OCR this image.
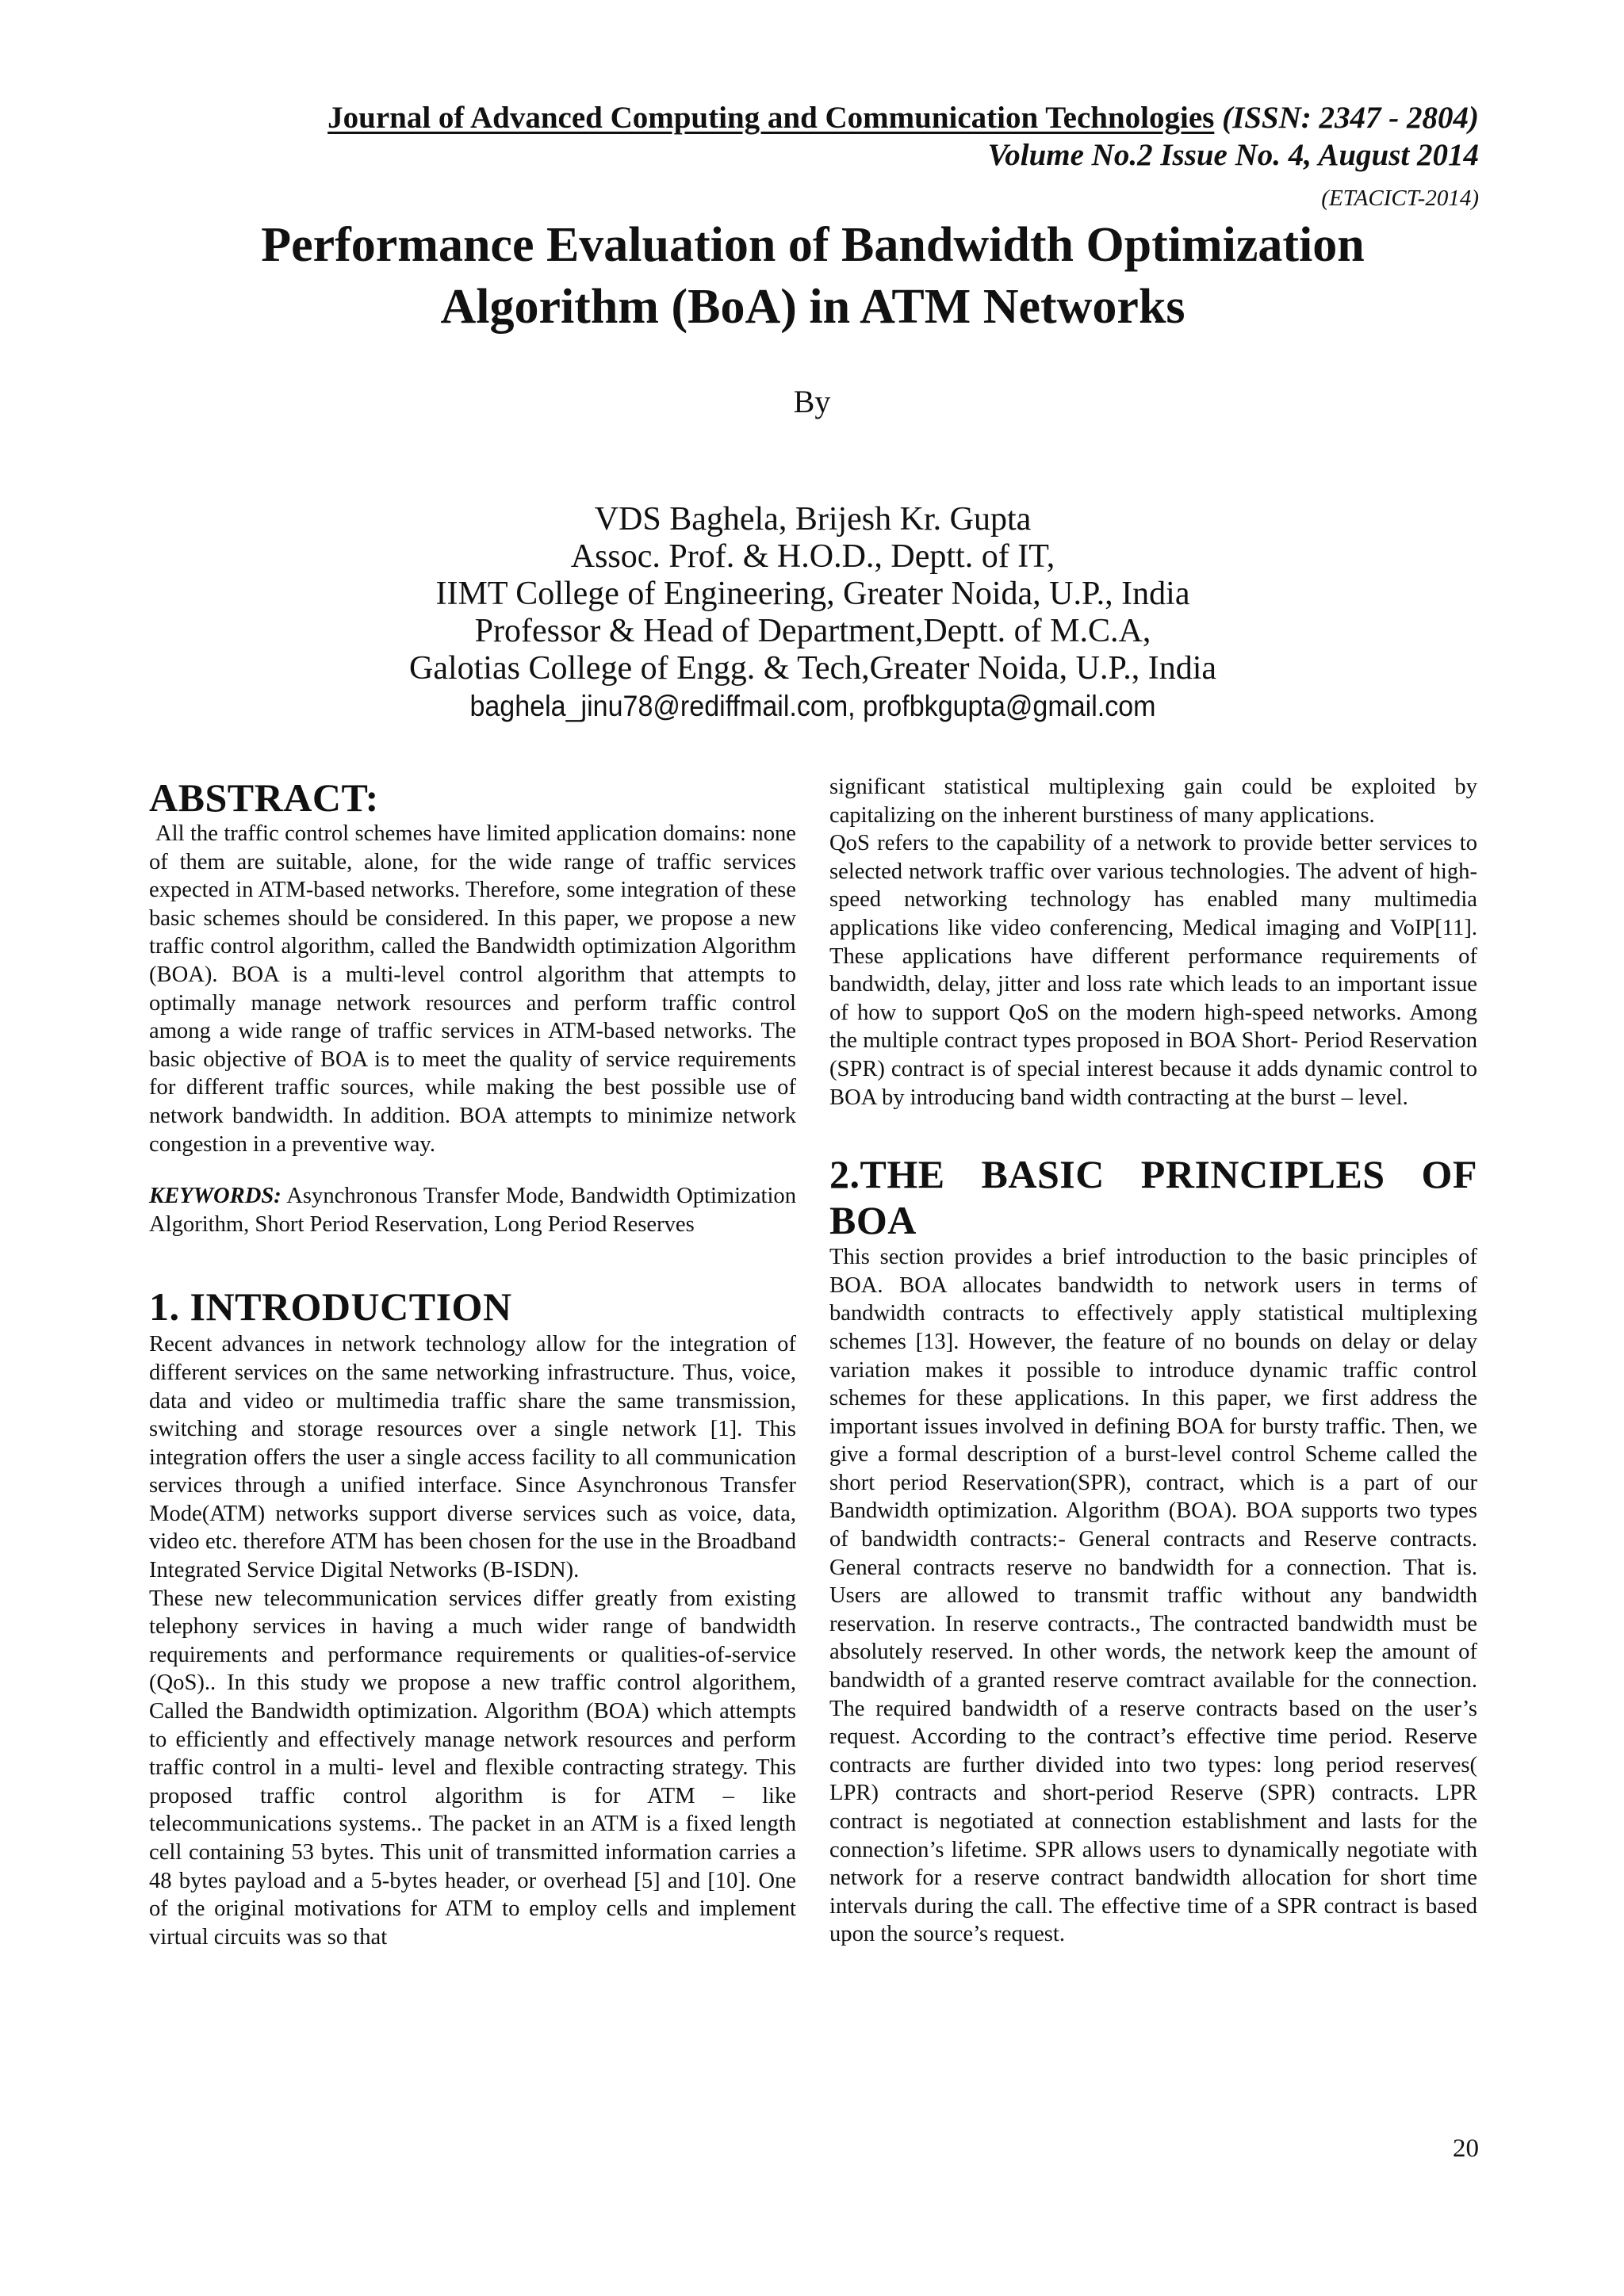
Journal of Advanced Computing and Communication Technologies (ISSN: 2347 - 2804)
Volume No.2 Issue No. 4, August 2014
(ETACICT-2014)
Performance Evaluation of Bandwidth Optimization
Algorithm (BoA) in ATM Networks
By
VDS Baghela, Brijesh Kr. Gupta
Assoc. Prof. & H.O.D., Deptt. of IT,
IIMT College of Engineering, Greater Noida, U.P., India
Professor & Head of Department,Deptt. of M.C.A,
Galotias College of Engg. & Tech,Greater Noida, U.P., India
baghela_jinu78@rediffmail.com, profbkgupta@gmail.com
ABSTRACT:

All the traffic control schemes have limited application domains: none of them are suitable, alone, for the wide range of traffic services expected in ATM-based networks. Therefore, some integration of these basic schemes should be considered. In this paper, we propose a new traffic control algorithm, called the Bandwidth optimization Algorithm (BOA). BOA is a multi-level control algorithm that attempts to optimally manage network resources and perform traffic control among a wide range of traffic services in ATM-based networks. The basic objective of BOA is to meet the quality of service requirements for different traffic sources, while making the best possible use of network bandwidth. In addition. BOA attempts to minimize network congestion in a preventive way.

KEYWORDS: Asynchronous Transfer Mode, Bandwidth Optimization Algorithm, Short Period Reservation, Long Period Reserves

1. INTRODUCTION

Recent advances in network technology allow for the integration of different services on the same networking infrastructure. Thus, voice, data and video or multimedia traffic share the same transmission, switching and storage resources over a single network [1]. This integration offers the user a single access facility to all communication services through a unified interface. Since Asynchronous Transfer Mode(ATM) networks support diverse services such as voice, data, video etc. therefore ATM has been chosen for the use in the Broadband Integrated Service Digital Networks (B-ISDN).

These new telecommunication services differ greatly from existing telephony services in having a much wider range of bandwidth requirements and performance requirements or qualities-of-service (QoS).. In this study we propose a new traffic control algorithem, Called the Bandwidth optimization. Algorithm (BOA) which attempts to efficiently and effectively manage network resources and perform traffic control in a multi- level and flexible contracting strategy. This proposed traffic control algorithm is for ATM – like telecommunications systems.. The packet in an ATM is a fixed length cell containing 53 bytes. This unit of transmitted information carries a 48 bytes payload and a 5-bytes header, or overhead [5] and [10]. One of the original motivations for ATM to employ cells and implement virtual circuits was so that

significant statistical multiplexing gain could be exploited by capitalizing on the inherent burstiness of many applications.

QoS refers to the capability of a network to provide better services to selected network traffic over various technologies. The advent of high-speed networking technology has enabled many multimedia applications like video conferencing, Medical imaging and VoIP[11]. These applications have different performance requirements of bandwidth, delay, jitter and loss rate which leads to an important issue of how to support QoS on the modern high-speed networks. Among the multiple contract types proposed in BOA Short- Period Reservation (SPR) contract is of special interest because it adds dynamic control to BOA by introducing band width contracting at the burst – level.

2.THE BASIC PRINCIPLES OF BOA

This section provides a brief introduction to the basic principles of BOA. BOA allocates bandwidth to network users in terms of bandwidth contracts to effectively apply statistical multiplexing schemes [13]. However, the feature of no bounds on delay or delay variation makes it possible to introduce dynamic traffic control schemes for these applications. In this paper, we first address the important issues involved in defining BOA for bursty traffic. Then, we give a formal description of a burst-level control Scheme called the short period Reservation(SPR), contract, which is a part of our Bandwidth optimization. Algorithm (BOA). BOA supports two types of bandwidth contracts:- General contracts and Reserve contracts. General contracts reserve no bandwidth for a connection. That is. Users are allowed to transmit traffic without any bandwidth reservation. In reserve contracts., The contracted bandwidth must be absolutely reserved. In other words, the network keep the amount of bandwidth of a granted reserve comtract available for the connection. The required bandwidth of a reserve contracts based on the user’s request. According to the contract’s effective time period. Reserve contracts are further divided into two types: long period reserves( LPR) contracts and short-period Reserve (SPR) contracts. LPR contract is negotiated at connection establishment and lasts for the connection’s lifetime. SPR allows users to dynamically negotiate with network for a reserve contract bandwidth allocation for short time intervals during the call. The effective time of a SPR contract is based upon the source’s request.

20
